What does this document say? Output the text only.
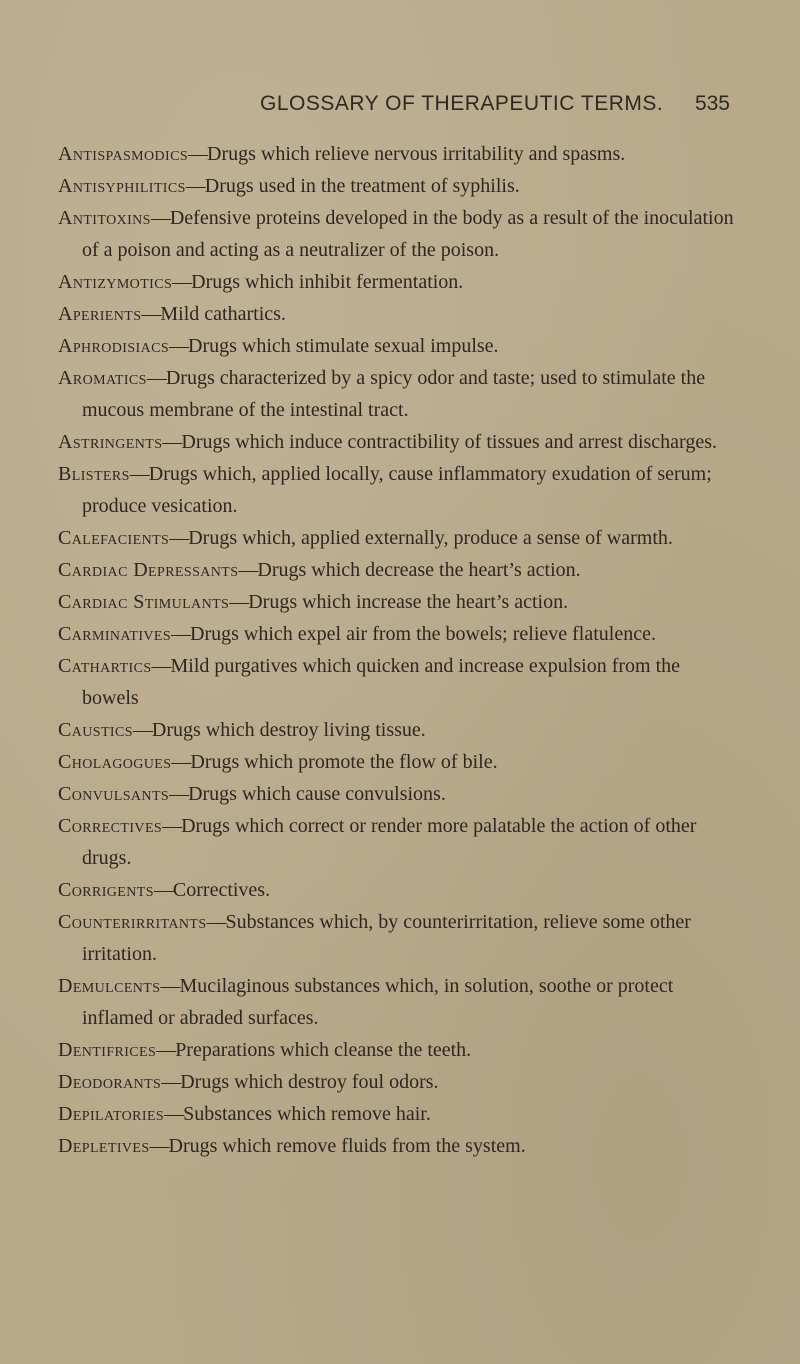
GLOSSARY OF THERAPEUTIC TERMS. 535

Antispasmodics—Drugs which relieve nervous irritability and spasms.

Antisyphilitics—Drugs used in the treatment of syphilis.

Antitoxins—Defensive proteins developed in the body as a result of the inoculation of a poison and acting as a neutralizer of the poison.

Antizymotics—Drugs which inhibit fermentation.

Aperients—Mild cathartics.

Aphrodisiacs—Drugs which stimulate sexual impulse.

Aromatics—Drugs characterized by a spicy odor and taste; used to stimulate the mucous membrane of the intestinal tract.

Astringents—Drugs which induce contractibility of tissues and arrest discharges.

Blisters—Drugs which, applied locally, cause inflammatory exudation of serum; produce vesication.

Calefacients—Drugs which, applied externally, produce a sense of warmth.

Cardiac Depressants—Drugs which decrease the heart’s action.

Cardiac Stimulants—Drugs which increase the heart’s action.

Carminatives—Drugs which expel air from the bowels; relieve flatulence.

Cathartics—Mild purgatives which quicken and increase expulsion from the bowels

Caustics—Drugs which destroy living tissue.

Cholagogues—Drugs which promote the flow of bile.

Convulsants—Drugs which cause convulsions.

Correctives—Drugs which correct or render more palatable the action of other drugs.

Corrigents—Correctives.

Counterirritants—Substances which, by counterirritation, relieve some other irritation.

Demulcents—Mucilaginous substances which, in solution, soothe or protect inflamed or abraded surfaces.

Dentifrices—Preparations which cleanse the teeth.

Deodorants—Drugs which destroy foul odors.

Depilatories—Substances which remove hair.

Depletives—Drugs which remove fluids from the system.
